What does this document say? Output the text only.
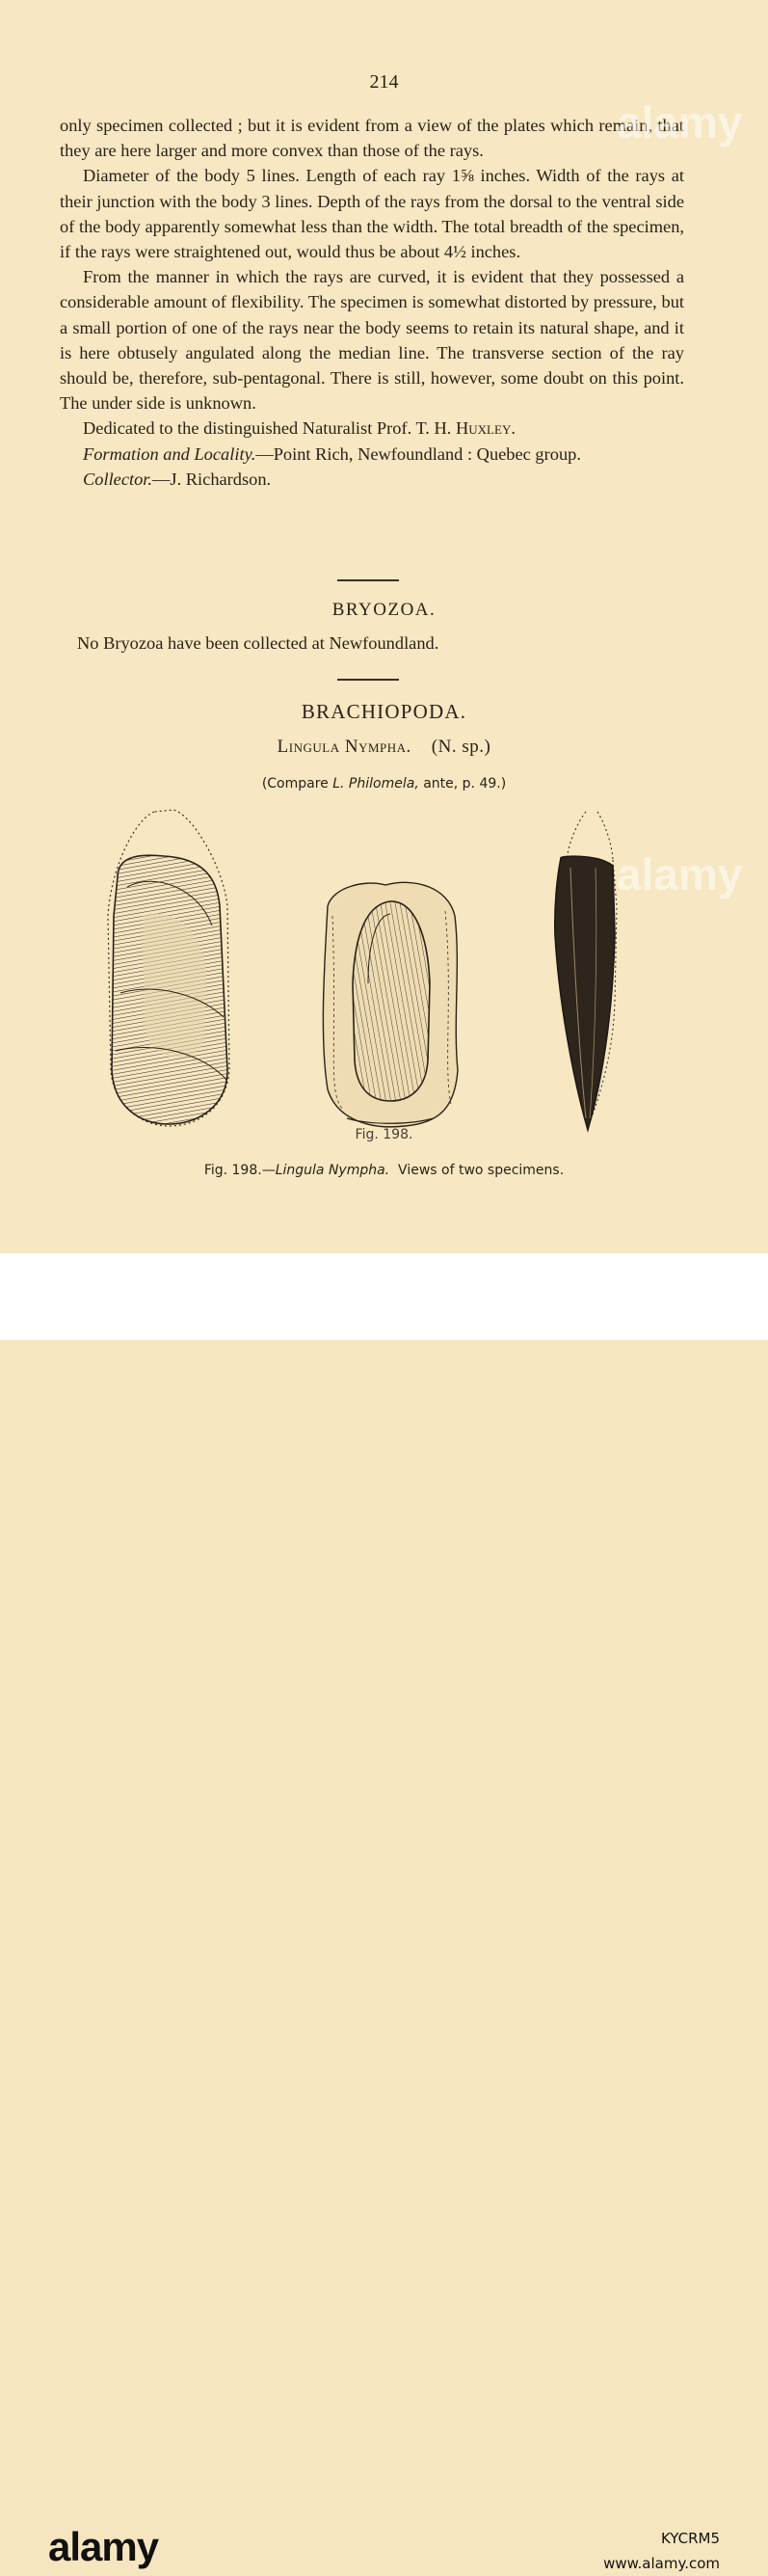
214

only specimen collected ; but it is evident from a view of the plates which remain, that they are here larger and more convex than those of the rays.

Diameter of the body 5 lines. Length of each ray 1⅝ inches. Width of the rays at their junction with the body 3 lines. Depth of the rays from the dorsal to the ventral side of the body apparently somewhat less than the width. The total breadth of the specimen, if the rays were straightened out, would thus be about 4½ inches.

From the manner in which the rays are curved, it is evident that they possessed a considerable amount of flexibility. The specimen is somewhat distorted by pressure, but a small portion of one of the rays near the body seems to retain its natural shape, and it is here obtusely angulated along the median line. The transverse section of the ray should be, therefore, sub-pentagonal. There is still, however, some doubt on this point. The under side is unknown.

Dedicated to the distinguished Naturalist Prof. T. H. Huxley.

Formation and Locality.—Point Rich, Newfoundland : Quebec group.

Collector.—J. Richardson.

BRYOZOA.
No Bryozoa have been collected at Newfoundland.
BRACHIOPODA.
Lingula Nympha. (N. sp.)
(Compare L. Philomela, ante, p. 49.)
Fig. 198.
Fig. 198.—Lingula Nympha. Views of two specimens.
alamy
alamy
alamy	KYCRM5
www.alamy.com
